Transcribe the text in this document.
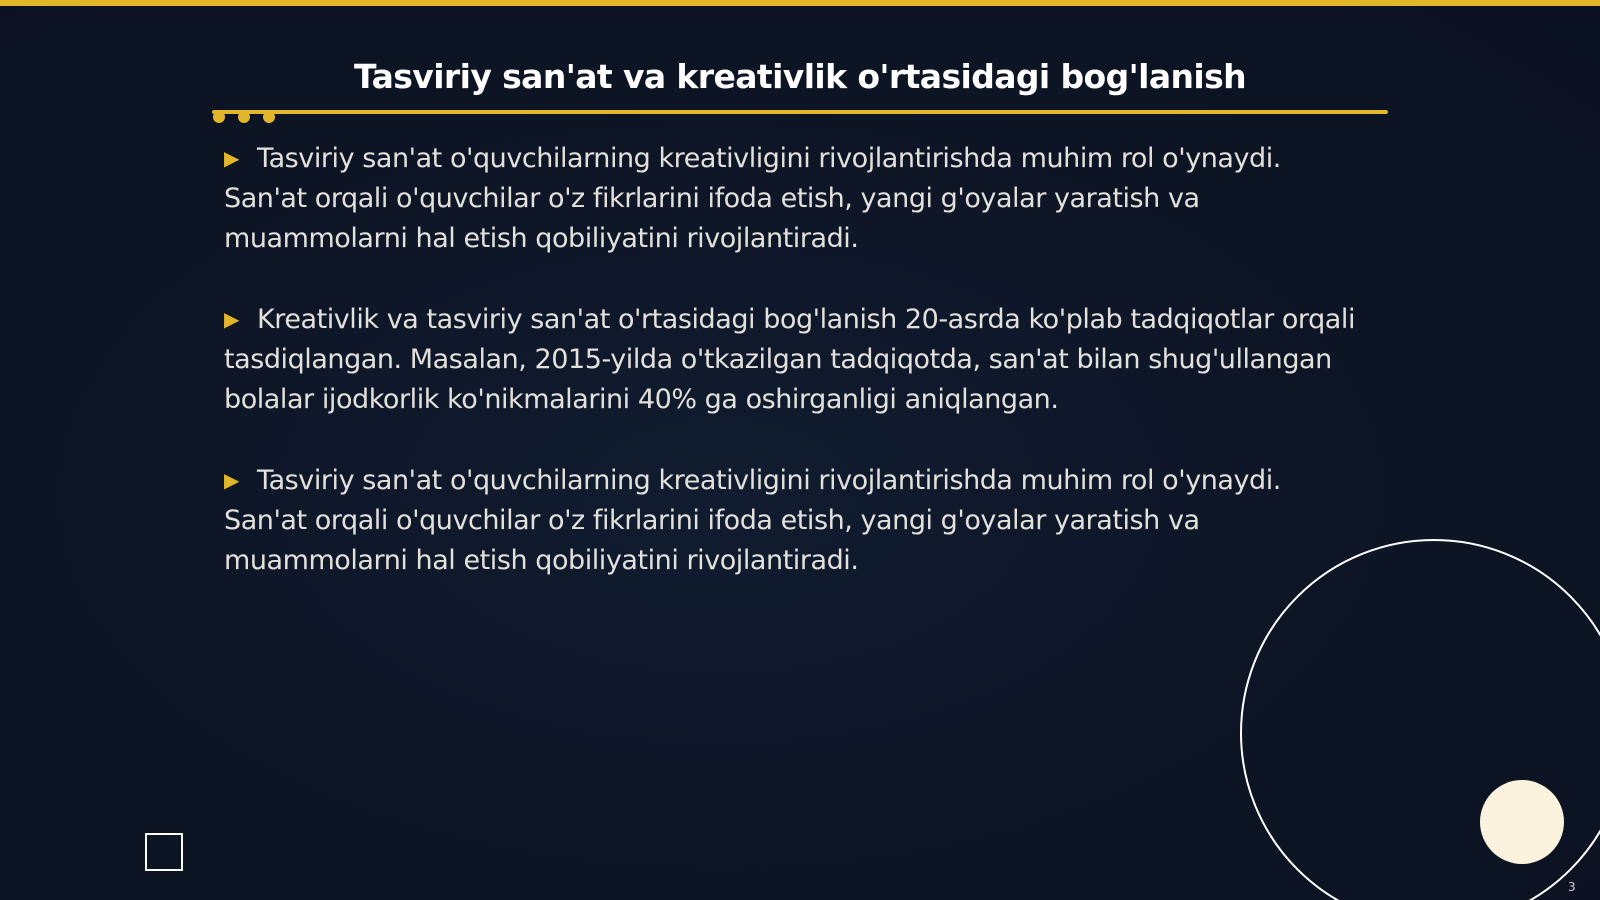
Tasviriy san'at va kreativlik o'rtasidagi bog'lanish

▶ Tasviriy san'at o'quvchilarning kreativligini rivojlantirishda muhim rol o'ynaydi. San'at orqali o'quvchilar o'z fikrlarini ifoda etish, yangi g'oyalar yaratish va muammolarni hal etish qobiliyatini rivojlantiradi.

▶ Kreativlik va tasviriy san'at o'rtasidagi bog'lanish 20-asrda ko'plab tadqiqotlar orqali tasdiqlangan. Masalan, 2015-yilda o'tkazilgan tadqiqotda, san'at bilan shug'ullangan bolalar ijodkorlik ko'nikmalarini 40% ga oshirganligi aniqlangan.

▶ Tasviriy san'at o'quvchilarning kreativligini rivojlantirishda muhim rol o'ynaydi. San'at orqali o'quvchilar o'z fikrlarini ifoda etish, yangi g'oyalar yaratish va muammolarni hal etish qobiliyatini rivojlantiradi.

3
